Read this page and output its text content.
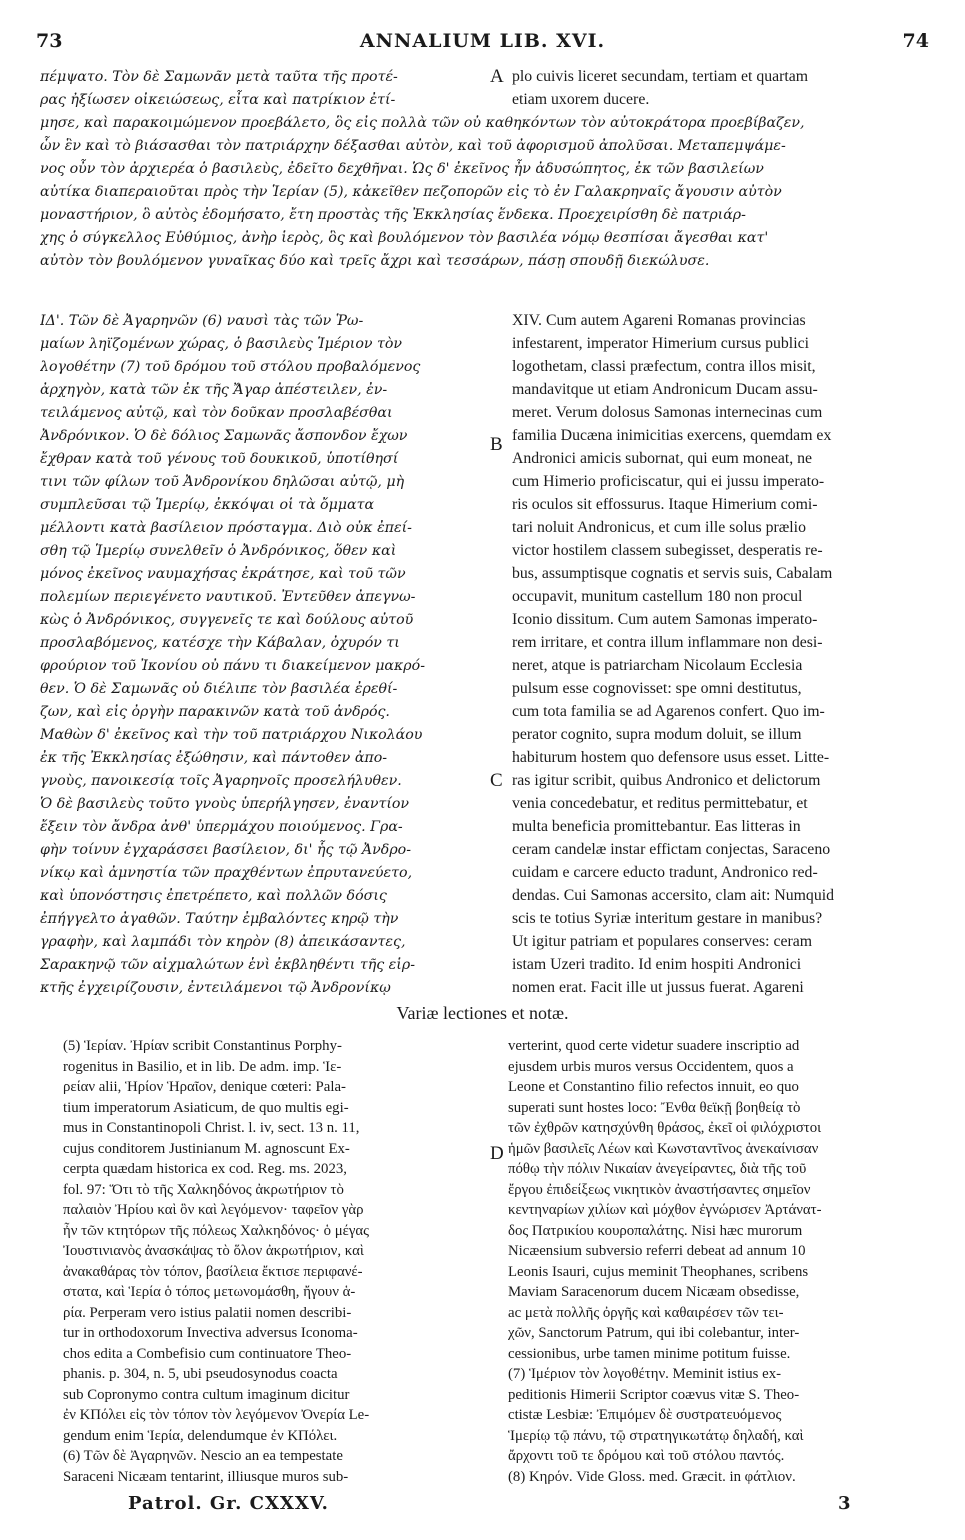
73	ANNALIUM LIB. XVI.	74
πέμψατο. Τὸν δὲ Σαμωνᾶν μετὰ ταῦτα τῆς προτέ-
ρας ἠξίωσεν οἰκειώσεως, εἶτα καὶ πατρίκιον ἐτί-
μησε, καὶ παρακοιμώμενον προεβάλετο, ὃς εἰς πολλὰ τῶν οὐ καθηκόντων τὸν αὐτοκράτορα προεβίβαζεν,
ὧν ἓν καὶ τὸ βιάσασθαι τὸν πατριάρχην δέξασθαι αὐτὸν, καὶ τοῦ ἀφορισμοῦ ἀπολῦσαι. Μεταπεμψάμε-
νος οὖν τὸν ἀρχιερέα ὁ βασιλεὺς, ἐδεῖτο δεχθῆναι. Ὡς δ' ἐκεῖνος ἦν ἀδυσώπητος, ἐκ τῶν βασιλείων
αὐτίκα διαπεραιοῦται πρὸς τὴν Ἱερίαν (5), κἀκεῖθεν πεζοπορῶν εἰς τὸ ἐν Γαλακρηναῖς ἄγουσιν αὐτὸν
μοναστήριον, ὃ αὐτὸς ἐδομήσατο, ἔτη προστὰς τῆς Ἐκκλησίας ἕνδεκα. Προεχειρίσθη δὲ πατριάρ-
χης ὁ σύγκελλος Εὐθύμιος, ἀνὴρ ἱερὸς, ὃς καὶ βουλόμενον τὸν βασιλέα νόμῳ θεσπίσαι ἄγεσθαι κατ'
αὐτὸν τὸν βουλόμενον γυναῖκας δύο καὶ τρεῖς ἄχρι καὶ τεσσάρων, πάσῃ σπουδῇ διεκώλυσε.
plo cuivis liceret secundam, tertiam et quartam
etiam uxorem ducere.
ΙΔ'. Τῶν δὲ Ἀγαρηνῶν (6) ναυσὶ τὰς τῶν Ῥω-
μαίων ληϊζομένων χώρας, ὁ βασιλεὺς Ἱμέριον τὸν
λογοθέτην (7) τοῦ δρόμου τοῦ στόλου προβαλόμενος
ἀρχηγὸν, κατὰ τῶν ἐκ τῆς Ἄγαρ ἀπέστειλεν, ἐν-
τειλάμενος αὐτῷ, καὶ τὸν δοῦκαν προσλαβέσθαι
Ἀνδρόνικον. Ὁ δὲ δόλιος Σαμωνᾶς ἄσπονδον ἔχων
ἔχθραν κατὰ τοῦ γένους τοῦ δουκικοῦ, ὑποτίθησί
τινι τῶν φίλων τοῦ Ἀνδρονίκου δηλῶσαι αὐτῷ, μὴ
συμπλεῦσαι τῷ Ἱμερίῳ, ἐκκόψαι οἱ τὰ ὄμματα
μέλλοντι κατὰ βασίλειον πρόσταγμα. Διὸ οὐκ ἐπεί-
σθη τῷ Ἱμερίῳ συνελθεῖν ὁ Ἀνδρόνικος, ὅθεν καὶ
μόνος ἐκεῖνος ναυμαχήσας ἐκράτησε, καὶ τοῦ τῶν
πολεμίων περιεγένετο ναυτικοῦ. Ἐντεῦθεν ἀπεγνω-
κὼς ὁ Ἀνδρόνικος, συγγενεῖς τε καὶ δούλους αὐτοῦ
προσλαβόμενος, κατέσχε τὴν Κάβαλαν, ὀχυρόν τι
φρούριον τοῦ Ἰκονίου οὐ πάνυ τι διακείμενον μακρό-
θεν. Ὁ δὲ Σαμωνᾶς οὐ διέλιπε τὸν βασιλέα ἐρεθί-
ζων, καὶ εἰς ὀργὴν παρακινῶν κατὰ τοῦ ἀνδρός.
Μαθὼν δ' ἐκεῖνος καὶ τὴν τοῦ πατριάρχου Νικολάου
ἐκ τῆς Ἐκκλησίας ἐξώθησιν, καὶ πάντοθεν ἀπο-
γνοὺς, πανοικεσίᾳ τοῖς Ἀγαρηνοῖς προσελήλυθεν.
Ὁ δὲ βασιλεὺς τοῦτο γνοὺς ὑπερήλγησεν, ἐναντίον
ἔξειν τὸν ἄνδρα ἀνθ' ὑπερμάχου ποιούμενος. Γρα-
φὴν τοίνυν ἐγχαράσσει βασίλειον, δι' ἧς τῷ Ἀνδρο-
νίκῳ καὶ ἀμνηστία τῶν πραχθέντων ἐπρυτανεύετο,
καὶ ὑπονόστησις ἐπετρέπετο, καὶ πολλῶν δόσις
ἐπήγγελτο ἀγαθῶν. Ταύτην ἐμβαλόντες κηρῷ τὴν
γραφὴν, καὶ λαμπάδι τὸν κηρὸν (8) ἀπεικάσαντες,
Σαρακηνῷ τῶν αἰχμαλώτων ἑνὶ ἐκβληθέντι τῆς εἱρ-
κτῆς ἐγχειρίζουσιν, ἐντειλάμενοι τῷ Ἀνδρονίκῳ
XIV. Cum autem Agareni Romanas provincias
infestarent, imperator Himerium cursus publici
logothetam, classi præfectum, contra illos misit,
mandavitque ut etiam Andronicum Ducam assu-
meret. Verum dolosus Samonas internecinas cum
familia Ducæna inimicitias exercens, quemdam ex
Andronici amicis subornat, qui eum moneat, ne
cum Himerio proficiscatur, qui ei jussu imperato-
ris oculos sit effossurus. Itaque Himerium comi-
tari noluit Andronicus, et cum ille solus prælio
victor hostilem classem subegisset, desperatis re-
bus, assumptisque cognatis et servis suis, Cabalam
occupavit, munitum castellum 180 non procul
Iconio dissitum. Cum autem Samonas imperato-
rem irritare, et contra illum inflammare non desi-
neret, atque is patriarcham Nicolaum Ecclesia
pulsum esse cognovisset: spe omni destitutus,
cum tota familia se ad Agarenos confert. Quo im-
perator cognito, supra modum doluit, se illum
habiturum hostem quo defensore usus esset. Litte-
ras igitur scribit, quibus Andronico et delictorum
venia concedebatur, et reditus permittebatur, et
multa beneficia promittebantur. Eas litteras in
ceram candelæ instar effictam conjectas, Saraceno
cuidam e carcere educto tradunt, Andronico red-
dendas. Cui Samonas accersito, clam ait: Numquid
scis te totius Syriæ interitum gestare in manibus?
Ut igitur patriam et populares conserves: ceram
istam Uzeri tradito. Id enim hospiti Andronici
nomen erat. Facit ille ut jussus fuerat. Agareni
A
B
C
D
Variæ lectiones et notæ.
(5) Ἱερίαν. Ἠρίαν scribit Constantinus Porphy-
rogenitus in Basilio, et in lib. De adm. imp. Ἱε-
ρείαν alii, Ἡρίον Ἡραῖον, denique cœteri: Pala-
tium imperatorum Asiaticum, de quo multis egi-
mus in Constantinopoli Christ. l. iv, sect. 13 n. 11,
cujus conditorem Justinianum M. agnoscunt Ex-
cerpta quædam historica ex cod. Reg. ms. 2023,
fol. 97: Ὅτι τὸ τῆς Χαλκηδόνος ἀκρωτήριον τὸ
παλαιὸν Ἠρίου καὶ ὃν καὶ λεγόμενον· ταφεῖον γὰρ
ἦν τῶν κτητόρων τῆς πόλεως Χαλκηδόνος· ὁ μέγας
Ἰουστινιανὸς ἀνασκάψας τὸ ὅλον ἀκρωτήριον, καὶ
ἀνακαθάρας τὸν τόπον, βασίλεια ἔκτισε περιφανέ-
στατα, καὶ Ἱερία ὁ τόπος μετωνομάσθη, ἤγουν ἁ-
ρία. Perperam vero istius palatii nomen describi-
tur in orthodoxorum Invectiva adversus Iconoma-
chos edita a Combefisio cum continuatore Theo-
phanis. p. 304, n. 5, ubi pseudosynodus coacta
sub Copronymo contra cultum imaginum dicitur
ἐν ΚΠόλει εἰς τὸν τόπον τὸν λεγόμενον Ὀνερία Le-
gendum enim Ἱερία, delendumque ἐν ΚΠόλει.
(6) Τῶν δὲ Ἀγαρηνῶν. Nescio an ea tempestate
Saraceni Nicæam tentarint, illiusque muros sub-
verterint, quod certe videtur suadere inscriptio ad
ejusdem urbis muros versus Occidentem, quos a
Leone et Constantino filio refectos innuit, eo quo
superati sunt hostes loco: Ἔνθα θεϊκῇ βοηθείᾳ τὸ
τῶν ἐχθρῶν κατησχύνθη θράσος, ἐκεῖ οἱ φιλόχριστοι
ἡμῶν βασιλεῖς Λέων καὶ Κωνσταντῖνος ἀνεκαίνισαν
πόθῳ τὴν πόλιν Νικαίαν ἀνεγείραντες, διὰ τῆς τοῦ
ἔργου ἐπιδείξεως νικητικὸν ἀναστήσαντες σημεῖον
κεντηναρίων χιλίων καὶ μόχθον ἐγνώρισεν Ἀρτάνατ-
δος Πατρικίου κουροπαλάτης. Nisi hæc murorum
Nicæensium subversio referri debeat ad annum 10
Leonis Isauri, cujus meminit Theophanes, scribens
Maviam Saracenorum ducem Nicæam obsedisse,
ac μετὰ πολλῆς ὀργῆς καὶ καθαιρέσεν τῶν τει-
χῶν, Sanctorum Patrum, qui ibi colebantur, inter-
cessionibus, urbe tamen minime potitum fuisse.
(7) Ἱμέριον τὸν λογοθέτην. Meminit istius ex-
peditionis Himerii Scriptor coævus vitæ S. Theo-
ctistæ Lesbiæ: Ἐπιμόμεν δὲ συστρατευόμενος
Ἱμερίῳ τῷ πάνυ, τῷ στρατηγικωτάτῳ δηλαδή, καὶ
ἄρχοντι τοῦ τε δρόμου καὶ τοῦ στόλου παντός.
(8) Κηρόν. Vide Gloss. med. Græcit. in φάτλιον.
Patrol. Gr. CXXXV.	3
